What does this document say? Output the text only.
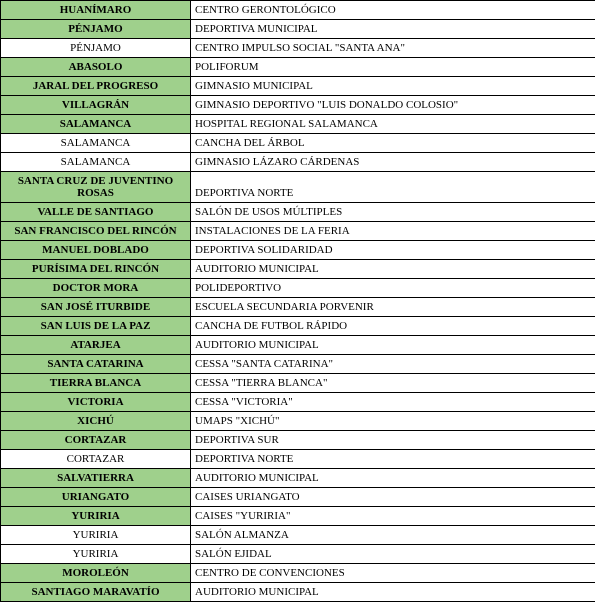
HUANÍMARO	CENTRO GERONTOLÓGICO
PÉNJAMO	DEPORTIVA MUNICIPAL
PÉNJAMO	CENTRO IMPULSO SOCIAL "SANTA ANA"
ABASOLO	POLIFORUM
JARAL DEL PROGRESO	GIMNASIO MUNICIPAL
VILLAGRÁN	GIMNASIO DEPORTIVO "LUIS DONALDO COLOSIO"
SALAMANCA	HOSPITAL REGIONAL SALAMANCA
SALAMANCA	CANCHA DEL ÁRBOL
SALAMANCA	GIMNASIO LÁZARO CÁRDENAS
SANTA CRUZ DE JUVENTINO ROSAS	DEPORTIVA NORTE
VALLE DE SANTIAGO	SALÓN DE USOS MÚLTIPLES
SAN FRANCISCO DEL RINCÓN	INSTALACIONES DE LA FERIA
MANUEL DOBLADO	DEPORTIVA SOLIDARIDAD
PURÍSIMA DEL RINCÓN	AUDITORIO MUNICIPAL
DOCTOR MORA	POLIDEPORTIVO
SAN JOSÉ ITURBIDE	ESCUELA SECUNDARIA PORVENIR
SAN LUIS DE LA PAZ	CANCHA DE FUTBOL RÁPIDO
ATARJEA	AUDITORIO MUNICIPAL
SANTA CATARINA	CESSA "SANTA CATARINA"
TIERRA BLANCA	CESSA "TIERRA BLANCA"
VICTORIA	CESSA "VICTORIA"
XICHÚ	UMAPS "XICHÚ"
CORTAZAR	DEPORTIVA SUR
CORTAZAR	DEPORTIVA NORTE
SALVATIERRA	AUDITORIO MUNICIPAL
URIANGATO	CAISES URIANGATO
YURIRIA	CAISES "YURIRIA"
YURIRIA	SALÓN ALMANZA
YURIRIA	SALÓN EJIDAL
MOROLEÓN	CENTRO DE CONVENCIONES
SANTIAGO MARAVATÍO	AUDITORIO MUNICIPAL
